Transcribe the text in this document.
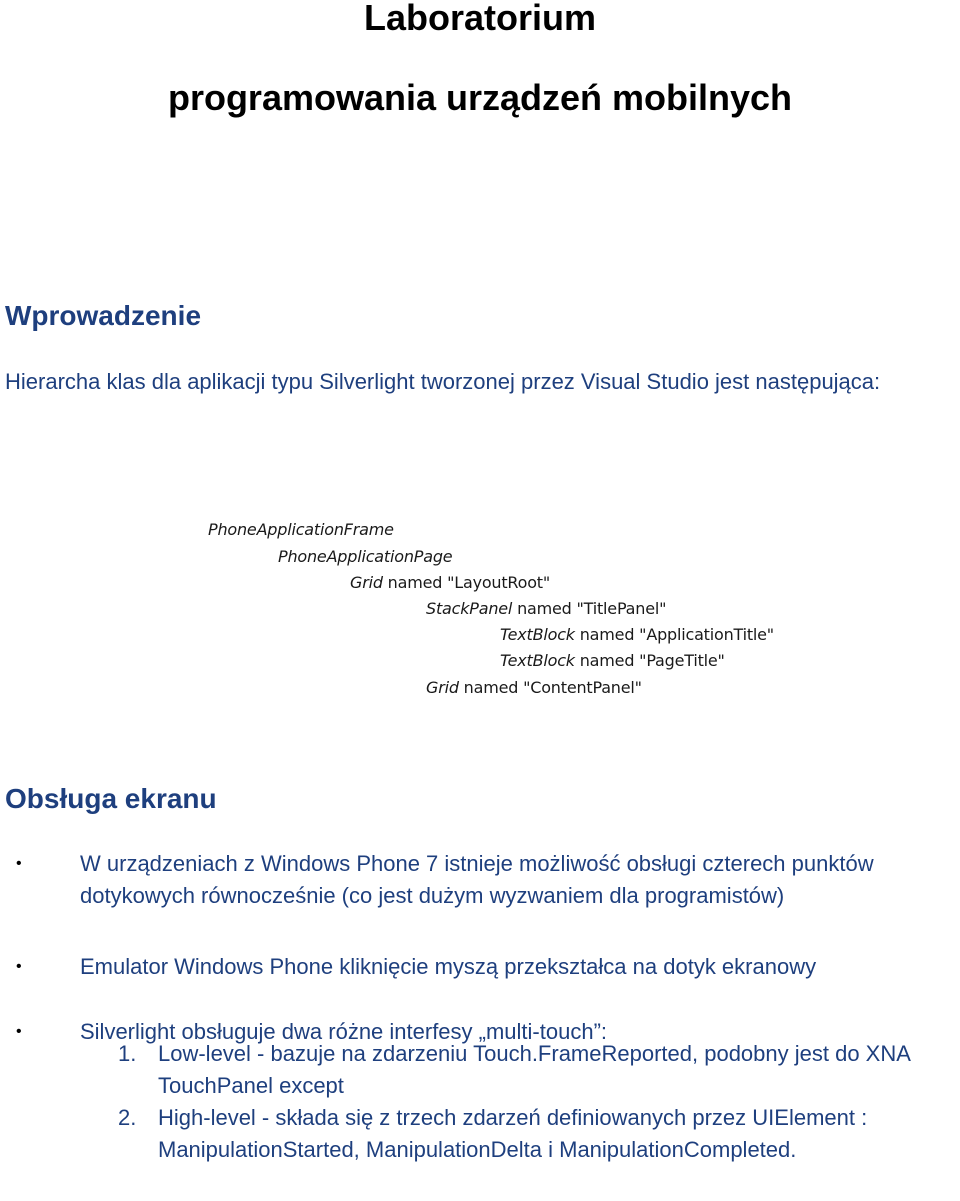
Laboratorium
programowania urządzeń mobilnych
Wprowadzenie

Hierarcha klas dla aplikacji typu Silverlight tworzonej przez Visual Studio jest następująca:

PhoneApplicationFrame
PhoneApplicationPage
Grid named "LayoutRoot"
StackPanel named "TitlePanel"
TextBlock named "ApplicationTitle"
TextBlock named "PageTitle"
Grid named "ContentPanel"
Obsługa ekranu
•	W urządzeniach z Windows Phone 7 istnieje możliwość obsługi czterech punktów dotykowych równocześnie (co jest dużym wyzwaniem dla programistów)
•	Emulator Windows Phone kliknięcie myszą przekształca na dotyk ekranowy
•	Silverlight obsługuje dwa różne interfesy „multi-touch”:
1. Low-level - bazuje na zdarzeniu Touch.FrameReported, podobny jest do XNA TouchPanel except
2. High-level - składa się z trzech zdarzeń definiowanych przez UIElement : ManipulationStarted, ManipulationDelta i ManipulationCompleted.
